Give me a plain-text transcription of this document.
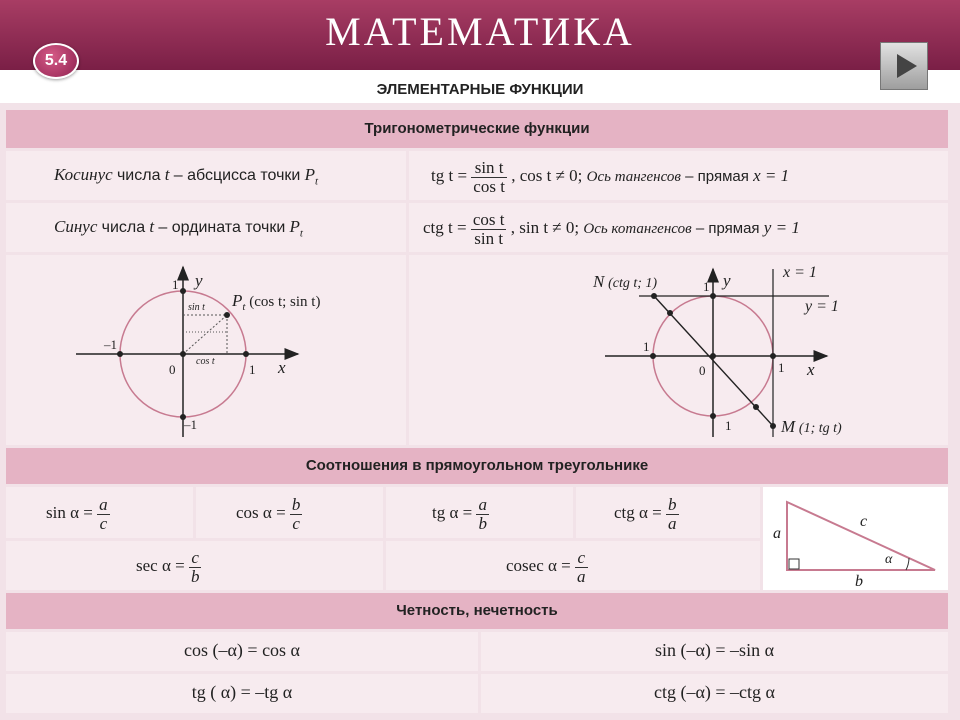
МАТЕМАТИКА
5.4
ЭЛЕМЕНТАРНЫЕ ФУНКЦИИ
Тригонометрические функции
Косинус числа t – абсцисса точки $P_t$	tg $t = \frac{\text{sin t}}{\text{cos t}}$ , cos t ≠ 0; Ось тангенсов – прямая x = 1
Синус числа t – ордината точки $P_t$	ctg $t = \frac{\text{cos t}}{\text{sin t}}$ , sin t ≠ 0; Ось котангенсов – прямая y = 1
y
x
1
–1
0	1
–1
sin t
cos t
$P_t$ (cos t; sin t)
y
x
1
1
0	1
1
N (ctg t; 1)
x = 1
y = 1
M (1; tg t)
Соотношения в прямоугольном треугольнике
$\sin \alpha = \frac{a}{c}$	$\cos \alpha = \frac{b}{c}$	tg $\alpha = \frac{a}{b}$	ctg $\alpha = \frac{b}{a}$
$\sec \alpha = \frac{c}{b}$	cosec $\alpha = \frac{c}{a}$
a
b
c
α
Четность, нечетность
cos (–α) = cos α	sin (–α) = –sin α
tg ( α) = –tg α	ctg (–α) = –ctg α
